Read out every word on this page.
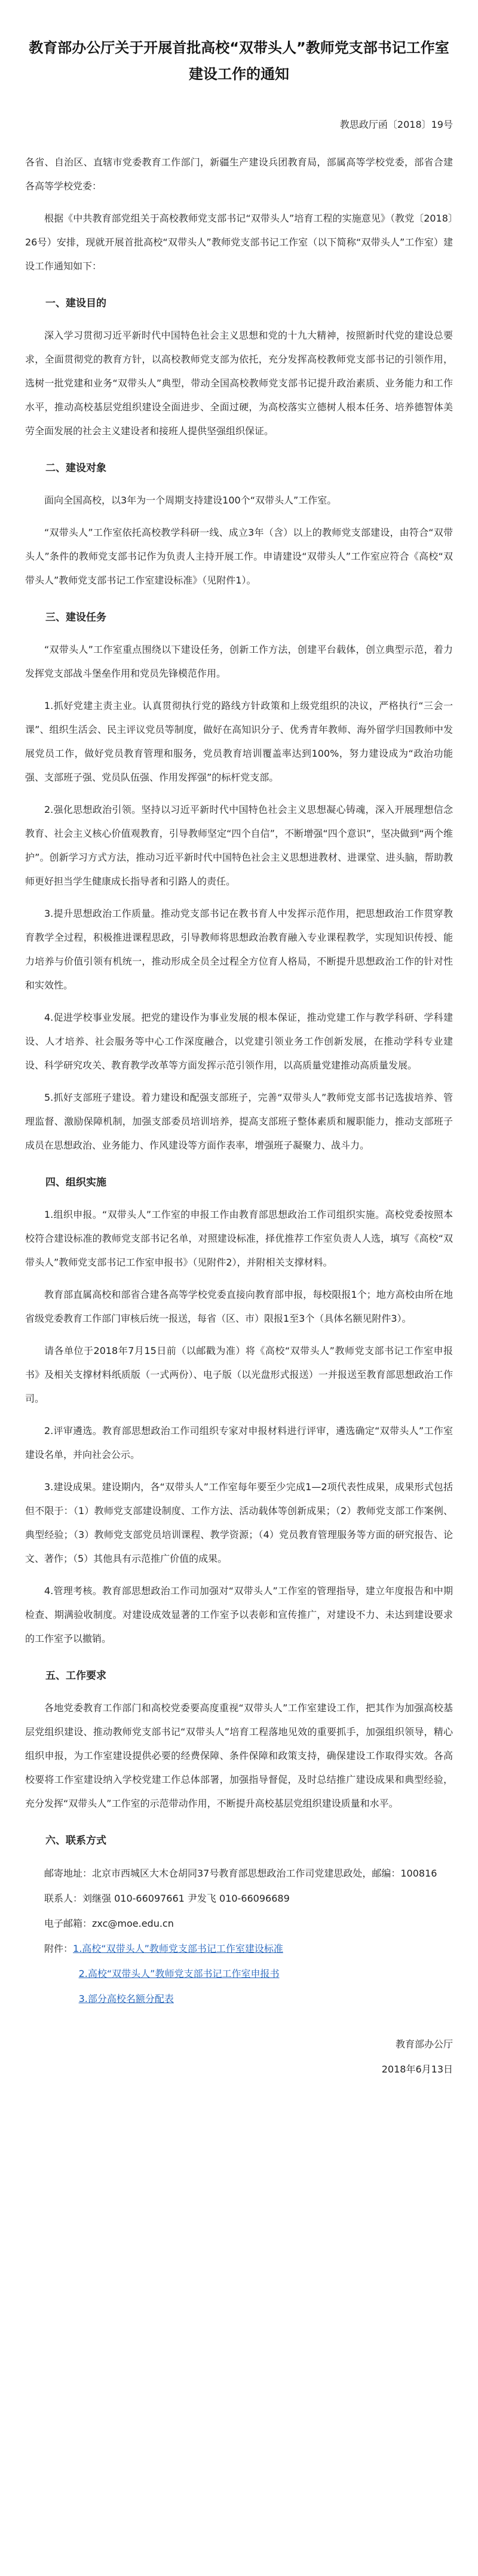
教育部办公厅关于开展首批高校“双带头人”教师党支部书记工作室建设工作的通知
教思政厅函〔2018〕19号

各省、自治区、直辖市党委教育工作部门，新疆生产建设兵团教育局，部属高等学校党委，部省合建各高等学校党委：

根据《中共教育部党组关于高校教师党支部书记“双带头人”培育工程的实施意见》（教党〔2018〕26号）安排，现就开展首批高校“双带头人”教师党支部书记工作室（以下简称“双带头人”工作室）建设工作通知如下：

一、建设目的

深入学习贯彻习近平新时代中国特色社会主义思想和党的十九大精神，按照新时代党的建设总要求，全面贯彻党的教育方针，以高校教师党支部为依托，充分发挥高校教师党支部书记的引领作用，选树一批党建和业务“双带头人”典型，带动全国高校教师党支部书记提升政治素质、业务能力和工作水平，推动高校基层党组织建设全面进步、全面过硬，为高校落实立德树人根本任务、培养德智体美劳全面发展的社会主义建设者和接班人提供坚强组织保证。

二、建设对象

面向全国高校，以3年为一个周期支持建设100个“双带头人”工作室。

“双带头人”工作室依托高校教学科研一线、成立3年（含）以上的教师党支部建设，由符合“双带头人”条件的教师党支部书记作为负责人主持开展工作。申请建设“双带头人”工作室应符合《高校“双带头人”教师党支部书记工作室建设标准》（见附件1）。

三、建设任务

“双带头人”工作室重点围绕以下建设任务，创新工作方法，创建平台载体，创立典型示范，着力发挥党支部战斗堡垒作用和党员先锋模范作用。

1.抓好党建主责主业。认真贯彻执行党的路线方针政策和上级党组织的决议，严格执行“三会一课”、组织生活会、民主评议党员等制度，做好在高知识分子、优秀青年教师、海外留学归国教师中发展党员工作，做好党员教育管理和服务，党员教育培训覆盖率达到100%，努力建设成为“政治功能强、支部班子强、党员队伍强、作用发挥强”的标杆党支部。

2.强化思想政治引领。坚持以习近平新时代中国特色社会主义思想凝心铸魂，深入开展理想信念教育、社会主义核心价值观教育，引导教师坚定“四个自信”，不断增强“四个意识”，坚决做到“两个维护”。创新学习方式方法，推动习近平新时代中国特色社会主义思想进教材、进课堂、进头脑，帮助教师更好担当学生健康成长指导者和引路人的责任。

3.提升思想政治工作质量。推动党支部书记在教书育人中发挥示范作用，把思想政治工作贯穿教育教学全过程，积极推进课程思政，引导教师将思想政治教育融入专业课程教学，实现知识传授、能力培养与价值引领有机统一，推动形成全员全过程全方位育人格局，不断提升思想政治工作的针对性和实效性。

4.促进学校事业发展。把党的建设作为事业发展的根本保证，推动党建工作与教学科研、学科建设、人才培养、社会服务等中心工作深度融合，以党建引领业务工作创新发展，在推动学科专业建设、科学研究攻关、教育教学改革等方面发挥示范引领作用，以高质量党建推动高质量发展。

5.抓好支部班子建设。着力建设和配强支部班子，完善“双带头人”教师党支部书记选拔培养、管理监督、激励保障机制，加强支部委员培训培养，提高支部班子整体素质和履职能力，推动支部班子成员在思想政治、业务能力、作风建设等方面作表率，增强班子凝聚力、战斗力。

四、组织实施

1.组织申报。“双带头人”工作室的申报工作由教育部思想政治工作司组织实施。高校党委按照本校符合建设标准的教师党支部书记名单，对照建设标准，择优推荐工作室负责人人选，填写《高校“双带头人”教师党支部书记工作室申报书》（见附件2），并附相关支撑材料。

教育部直属高校和部省合建各高等学校党委直接向教育部申报，每校限报1个；地方高校由所在地省级党委教育工作部门审核后统一报送，每省（区、市）限报1至3个（具体名额见附件3）。

请各单位于2018年7月15日前（以邮戳为准）将《高校“双带头人”教师党支部书记工作室申报书》及相关支撑材料纸质版（一式两份）、电子版（以光盘形式报送）一并报送至教育部思想政治工作司。

2.评审遴选。教育部思想政治工作司组织专家对申报材料进行评审，遴选确定“双带头人”工作室建设名单，并向社会公示。

3.建设成果。建设期内，各“双带头人”工作室每年要至少完成1—2项代表性成果，成果形式包括但不限于：（1）教师党支部建设制度、工作方法、活动载体等创新成果；（2）教师党支部工作案例、典型经验；（3）教师党支部党员培训课程、教学资源；（4）党员教育管理服务等方面的研究报告、论文、著作；（5）其他具有示范推广价值的成果。

4.管理考核。教育部思想政治工作司加强对“双带头人”工作室的管理指导，建立年度报告和中期检查、期满验收制度。对建设成效显著的工作室予以表彰和宣传推广，对建设不力、未达到建设要求的工作室予以撤销。

五、工作要求

各地党委教育工作部门和高校党委要高度重视“双带头人”工作室建设工作，把其作为加强高校基层党组织建设、推动教师党支部书记“双带头人”培育工程落地见效的重要抓手，加强组织领导，精心组织申报，为工作室建设提供必要的经费保障、条件保障和政策支持，确保建设工作取得实效。各高校要将工作室建设纳入学校党建工作总体部署，加强指导督促，及时总结推广建设成果和典型经验，充分发挥“双带头人”工作室的示范带动作用，不断提升高校基层党组织建设质量和水平。

六、联系方式

邮寄地址：北京市西城区大木仓胡同37号教育部思想政治工作司党建思政处，邮编：100816

联系人：刘继强 010-66097661 尹发飞 010-66096689

电子邮箱：zxc@moe.edu.cn

附件：1.高校“双带头人”教师党支部书记工作室建设标准

2.高校“双带头人”教师党支部书记工作室申报书

3.部分高校名额分配表

教育部办公厅

2018年6月13日
